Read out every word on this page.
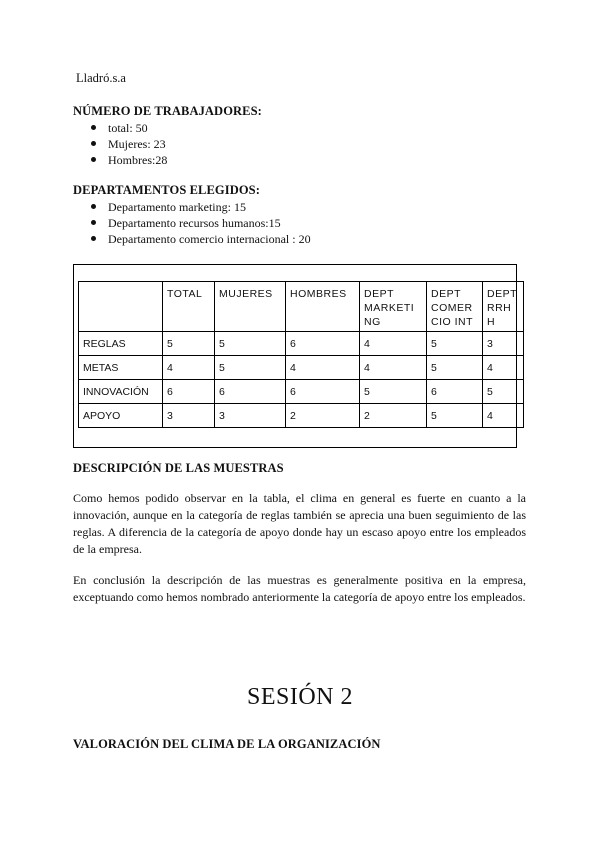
Lladró.s.a
NÚMERO DE TRABAJADORES:
total: 50
Mujeres: 23
Hombres:28
DEPARTAMENTOS ELEGIDOS:
Departamento marketing: 15
Departamento recursos humanos:15
Departamento comercio internacional : 20
	TOTAL	MUJERES	HOMBRES	DEPT
MARKETI
NG	DEPT
COMER
CIO INT	DEPT
RRH
H
REGLAS	5	5	6	4	5	3
METAS	4	5	4	4	5	4
INNOVACIÓN	6	6	6	5	6	5
APOYO	3	3	2	2	5	4
DESCRIPCIÓN DE LAS MUESTRAS

Como hemos podido observar en la tabla, el clima en general es fuerte en cuanto a la innovación, aunque en la categoría de reglas también se aprecia una buen seguimiento de las reglas. A diferencia de la categoría de apoyo donde hay un escaso apoyo entre los empleados de la empresa.

En conclusión la descripción de las muestras es generalmente positiva en la empresa, exceptuando como hemos nombrado anteriormente la categoría de apoyo entre los empleados.

SESIÓN 2
VALORACIÓN DEL CLIMA DE LA ORGANIZACIÓN
